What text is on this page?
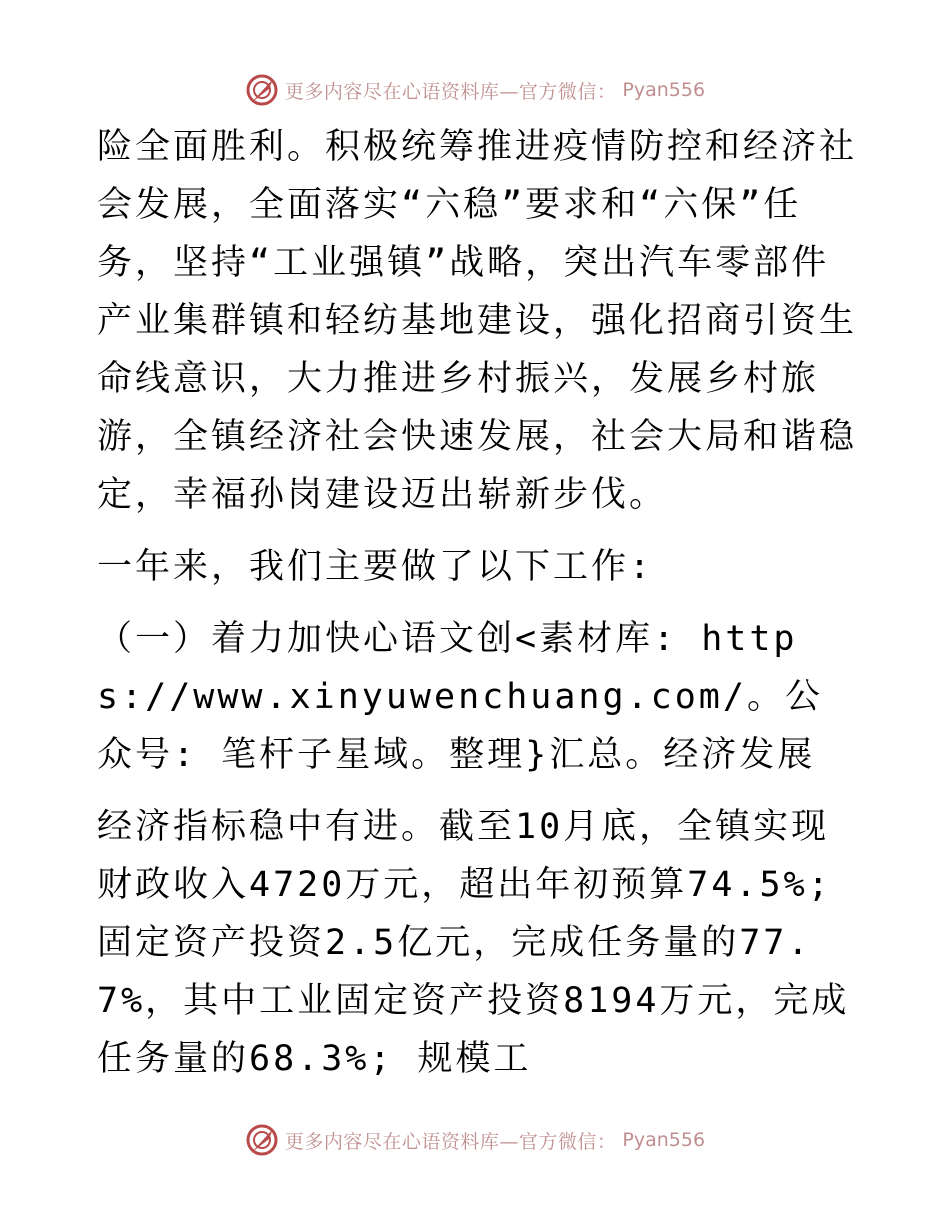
更多内容尽在心语资料库—官方微信： Pyan556

险全面胜利。积极统筹推进疫情防控和经济社会发展，全面落实“六稳”要求和“六保”任务，坚持“工业强镇”战略，突出汽车零部件产业集群镇和轻纺基地建设，强化招商引资生命线意识，大力推进乡村振兴，发展乡村旅游，全镇经济社会快速发展，社会大局和谐稳定，幸福孙岗建设迈出崭新步伐。

一年来，我们主要做了以下工作:

（一）着力加快心语文创<素材库: https://www.xinyuwenchuang.com/。公众号: 笔杆子星域。整理}汇总。经济发展

经济指标稳中有进。截至10月底，全镇实现财政收入4720万元，超出年初预算74.5%; 固定资产投资2.5亿元，完成任务量的77.7%，其中工业固定资产投资8194万元，完成任务量的68.3%; 规模工

更多内容尽在心语资料库—官方微信： Pyan556
